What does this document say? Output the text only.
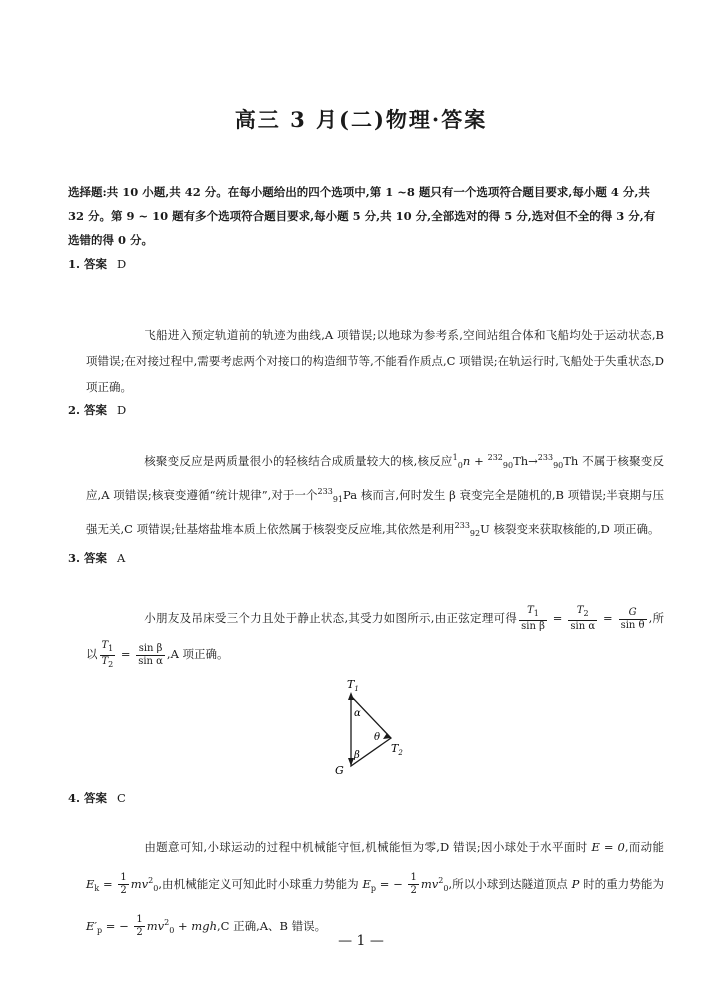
高三 3 月(二)物理·答案
选择题:共 10 小题,共 42 分。在每小题给出的四个选项中,第 1 ~8 题只有一个选项符合题目要求,每小题 4 分,共 32 分。第 9 ~ 10 题有多个选项符合题目要求,每小题 5 分,共 10 分,全部选对的得 5 分,选对但不全的得 3 分,有选错的得 0 分。
1. 答案 D
飞船进入预定轨道前的轨迹为曲线,A 项错误;以地球为参考系,空间站组合体和飞船均处于运动状态,B 项错误;在对接过程中,需要考虑两个对接口的构造细节等,不能看作质点,C 项错误;在轨运行时,飞船处于失重状态,D 项正确。
2. 答案 D
核聚变反应是两质量很小的轻核结合成质量较大的核,核反应$^1_0$n + $^{232}_{90}$Th→$^{233}_{90}$Th 不属于核聚变反应,A 项错误;核衰变遵循“统计规律”,对于一个$^{233}_{91}$Pa 核而言,何时发生 β 衰变完全是随机的,B 项错误;半衰期与压强无关,C 项错误;钍基熔盐堆本质上依然属于核裂变反应堆,其依然是利用$^{233}_{92}$U 核裂变来获取核能的,D 项正确。
3. 答案 A
小朋友及吊床受三个力且处于静止状态,其受力如图所示,由正弦定理可得 $\frac{T_1}{\text{sin β}} = \frac{T_2}{\text{sin α}} = \frac{G}{\text{sin θ}}$ ,所以 $\frac{T_1}{T_2} = \frac{\text{sin β}}{\text{sin α}} ,A$ 项正确。
$T_1$
$T_2$
G
α
β
θ
4. 答案 C
由题意可知,小球运动的过程中机械能守恒,机械能恒为零,D 错误;因小球处于水平面时 E = 0,而动能 $E_k = \frac{1}{2} mv^2_0$,由机械能定义可知此时小球重力势能为 $E_p$ = − $\frac{1}{2} mv^2_0$,所以小球到达隧道顶点 P 时的重力势能为 $E'_p$ = − $\frac{1}{2} mv^2_0 + mgh,C$ 正确,A、B 错误。
— 1 —
